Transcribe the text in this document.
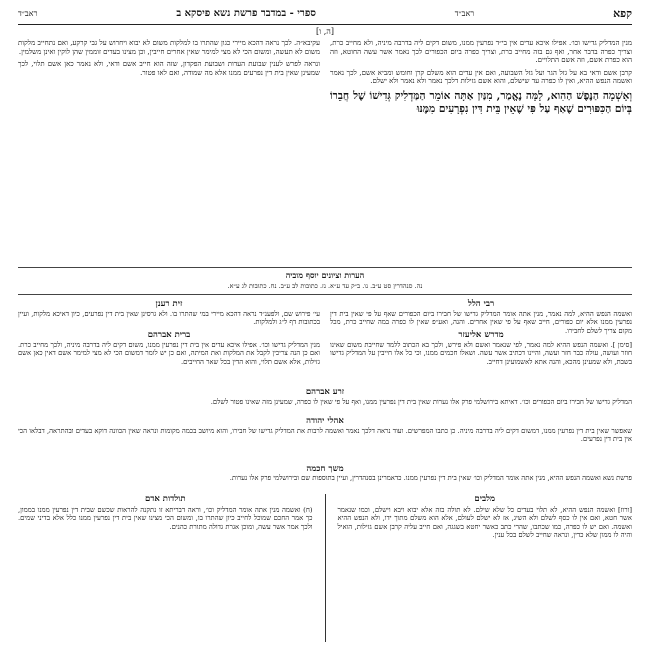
קפא
ראב״ד
ספרי - במדבר פרשת נשא פיסקא ב
ראב״ד
[ה, ו]

מנין המדליק גדישו וכו׳. אפילו איכא עדים אין בי״ד נפרעין ממנו, משום דקים ליה בדרבה מיניה, ולא מחייב כרת, וצריך כפרה בדבר אחר, ואף גם בזה מחייב כרת, וצריך כפרה ביום הכפורים לכך נאמר אשר עשה החוטא, וזה הוא כפרת אשם, וזה אשם התלויים.

קרבן אשם ודאי בא על גזל הגר ועל גזל השבועה, ואם אין עדים הוא משלם קרן וחומש ומביא אשם, לכך נאמר ואשמה הנפש ההיא, ואין לו כפרה עד שישלם, והוא אשם גזילות דלכך נאמר ולא נאמר ולא ישלם.

וְאָשְׁמָה הַנֶּפֶשׁ הַהִוא, לָמָּה נֶאֱמַר, מִנַּיִן אַתָּה אוֹמֵר הַמַּדְלִיק גְּדִישׁוֹ שֶׁל חֲבֵרוֹ בְּיוֹם הַכִּפּוּרִים שֶׁאַף עַל פִּי שֶׁאֵין בֵּית דִּין נִפְרָעִים מִמֶּנּוּ

עקיבא״ה. לכך נראה דהכא מיירי כגון שהתרו בו למלקות משום לא יבוא ויחרוש על גבי קרקע, ואם נתחייב מלקות משום לא תעשה, ומשום הכי לא מצי למימר שאין אחרים חייבין, וכן מצינו בעדים זוממין שהן לוקין ואינן משלמין.

ונראה לפרש לענין שבועת העדות ושבועת הפקדון, שזה הוא חייב אשם ודאי, ולא נאמר כאן אשם תלוי, לכך שמעינן שאין בית דין נפרעים ממנו אלא מה שמודה, ואם לאו פטור.

הערות וציונים יוסף מוביה
נה. סנהדרין סט ע״ב. נו. ב״ק עד ע״א. נז. כתובות לב ע״ב. נח. כתובות לג ע״א.
רבי הלל
ואשמה הנפש ההיא, למה נאמר, מנין אתה אומר המדליק גדישו של חבירו ביום הכפורים שאף על פי שאין בית דין נפרעין ממנו אלא יום כפורים, חייב שאף על פי שאין אחרים. והנה, ואע״פ שאין לו כפרה במה שחייב כרת, מכל מקום צריך לשלם לחבירו.
זית רענן
עי׳ פירוש שם, ולפענ״ד נראה דהכא מיירי במי שהתרו בו. ולא גרסינן שאין בית דין נפרעים, כיון דאיכא מלקות, ועיין בכתובות דף ל״ג ולמלקות.
מדרש אליעזר
[סימן ]. ואשמה הנפש ההיא למה נאמר, לפי שנאמר ואשם ולא פירש, ולכך בא הכתוב ללמד שחייבת משום שאינו חוזר ועושה, עולה כבר חזר ועשה, והיינו דכתיב אשר עשה. ושאלו חכמים ממנו, וכי כל אלו חייבין על המדליק גדישו בשבת, ולא שמעינן מהכא, והנה אתא לאשמועינן דחייב.
ברית אברהם
מנין המדליק גדישו וכו׳. אפילו איכא עדים אין בית דין נפרעין ממנו, משום דקים ליה בדרבה מיניה, ולכך מחייב כרת. ואם כן הנה צריכין לקבל את המלקות ואת המיתה, ואם כן יש לומר דמשום הכי לא מצי למימר אשם דאין כאן אשם גזילות, אלא אשם תלוי, והוא הדין בכל שאר החייבים.
זרע אברהם
המדליק גדישו של חבירו ביום הכפורים וכו׳. דאיתא בירושלמי פרק אלו נערות שאין בית דין נפרעין ממנו, ואף על פי שאין לו כפרה, שמעינן מזה שאינו פטור לשלם.
אהלי יהודה
שאפשר שאין בית דין נפרעין ממנו, דמשום דקים ליה בדרבה מיניה. כן כתבו המפרשים. ועוד נראה דלכך נאמר ואשמה לרבות את המדליק גדישו של חבירו, והוא מיושב בכמה מקומות ונראה שאין הכוונה דוקא בעדים ובהתראה, דבלאו הכי אין בית דין נפרעים.
משך חכמה
פרשת נשא ואשמה הנפש ההיא, מנין אתה אומר המדליק וכו׳ שאין בית דין נפרעין ממנו. כדאמרינן בסנהדרין, ועיין בתוספות שם ובירושלמי פרק אלו נערות.
מלבים
[ורוז] ואשמה הנפש ההיא, לא תלוי בעדים כל שלא שילם. לא תולה בזה אלא יבוא ויבא וישלם, וכמו שנאמר אשר חטא, ואם אין לו כסף לשלם ולא השיג, אז לא ישלם לעולם, אלא הוא משלם מתוך ידו, ולא הנפש ההיא ואשמה. ואם יש לו כפרה, כמו שכתבו, שהרי כתב כאשר יחטא בשגגה, ואם חייב עליה קרבן אשם גזילות, הואיל והיה לו ממון שלא כדין, ונראה שחייב לשלם בכל ענין.
תולדות אדם
(ח) ואשמה מנין אתה אומר המדליק וכו׳, וראה דבריתא זו נתקנה להראות שכשם שבית דין נפרעין ממנו בממון, כך אמר החכם שמוכל לחייב כיון שהתרו בו, ומשום הכי מצינו שאין בית דין נפרעין ממנו כלל אלא בדיני שמים. ולכך אמר אשר עשה, ומוכן אגרת גדולה מתורת כהנים.
